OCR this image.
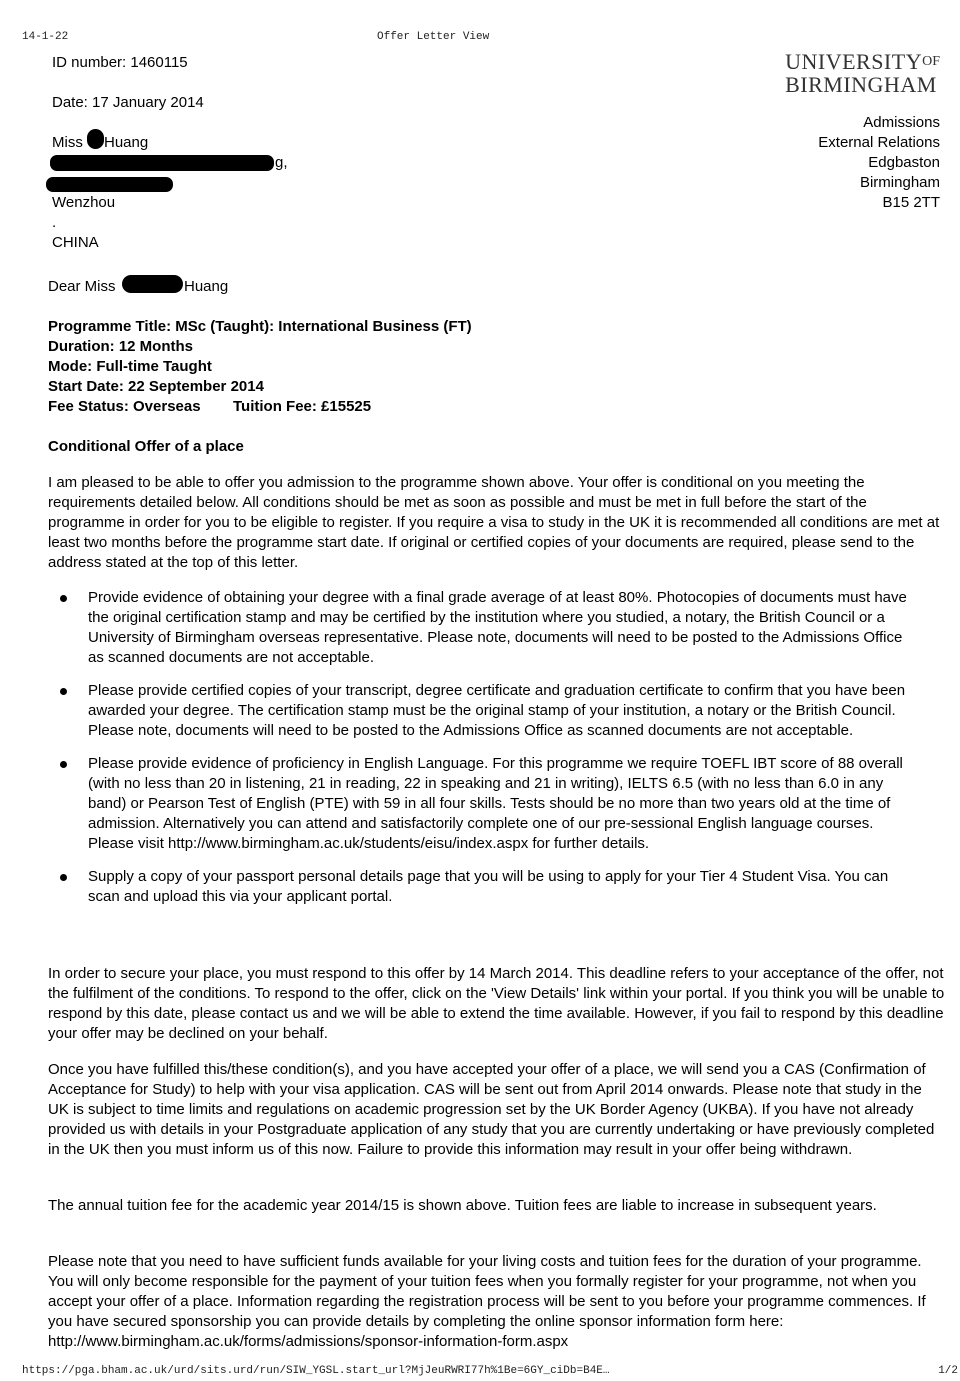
14-1-22	Offer Letter View
UNIVERSITYOF
BIRMINGHAM
Admissions
External Relations
Edgbaston
Birmingham
B15 2TT
ID number: 1460115
Date: 17 January 2014
Miss Huang
g,
Wenzhou
.
CHINA
Dear Miss	Huang
Programme Title: MSc (Taught): International Business (FT)
Duration: 12 Months
Mode: Full-time Taught
Start Date: 22 September 2014
Fee Status: Overseas Tuition Fee: £15525
Conditional Offer of a place

I am pleased to be able to offer you admission to the programme shown above. Your offer is conditional on you meeting the requirements detailed below. All conditions should be met as soon as possible and must be met in full before the start of the programme in order for you to be eligible to register. If you require a visa to study in the UK it is recommended all conditions are met at least two months before the programme start date. If original or certified copies of your documents are required, please send to the address stated at the top of this letter.

Provide evidence of obtaining your degree with a final grade average of at least 80%. Photocopies of documents must have the original certification stamp and may be certified by the institution where you studied, a notary, the British Council or a University of Birmingham overseas representative. Please note, documents will need to be posted to the Admissions Office as scanned documents are not acceptable.
Please provide certified copies of your transcript, degree certificate and graduation certificate to confirm that you have been awarded your degree. The certification stamp must be the original stamp of your institution, a notary or the British Council. Please note, documents will need to be posted to the Admissions Office as scanned documents are not acceptable.
Please provide evidence of proficiency in English Language. For this programme we require TOEFL IBT score of 88 overall (with no less than 20 in listening, 21 in reading, 22 in speaking and 21 in writing), IELTS 6.5 (with no less than 6.0 in any band) or Pearson Test of English (PTE) with 59 in all four skills. Tests should be no more than two years old at the time of admission. Alternatively you can attend and satisfactorily complete one of our pre-sessional English language courses. Please visit http://www.birmingham.ac.uk/students/eisu/index.aspx for further details.
Supply a copy of your passport personal details page that you will be using to apply for your Tier 4 Student Visa. You can scan and upload this via your applicant portal.

In order to secure your place, you must respond to this offer by 14 March 2014. This deadline refers to your acceptance of the offer, not the fulfilment of the conditions. To respond to the offer, click on the 'View Details' link within your portal. If you think you will be unable to respond by this date, please contact us and we will be able to extend the time available. However, if you fail to respond by this deadline your offer may be declined on your behalf.

Once you have fulfilled this/these condition(s), and you have accepted your offer of a place, we will send you a CAS (Confirmation of Acceptance for Study) to help with your visa application. CAS will be sent out from April 2014 onwards. Please note that study in the UK is subject to time limits and regulations on academic progression set by the UK Border Agency (UKBA). If you have not already provided us with details in your Postgraduate application of any study that you are currently undertaking or have previously completed in the UK then you must inform us of this now. Failure to provide this information may result in your offer being withdrawn.

The annual tuition fee for the academic year 2014/15 is shown above. Tuition fees are liable to increase in subsequent years.

Please note that you need to have sufficient funds available for your living costs and tuition fees for the duration of your programme. You will only become responsible for the payment of your tuition fees when you formally register for your programme, not when you accept your offer of a place. Information regarding the registration process will be sent to you before your programme commences. If you have secured sponsorship you can provide details by completing the online sponsor information form here: http://www.birmingham.ac.uk/forms/admissions/sponsor-information-form.aspx

https://pga.bham.ac.uk/urd/sits.urd/run/SIW_YGSL.start_url?MjJeuRWRI77h%1Be=6GY_ciDb=B4E…	1/2
